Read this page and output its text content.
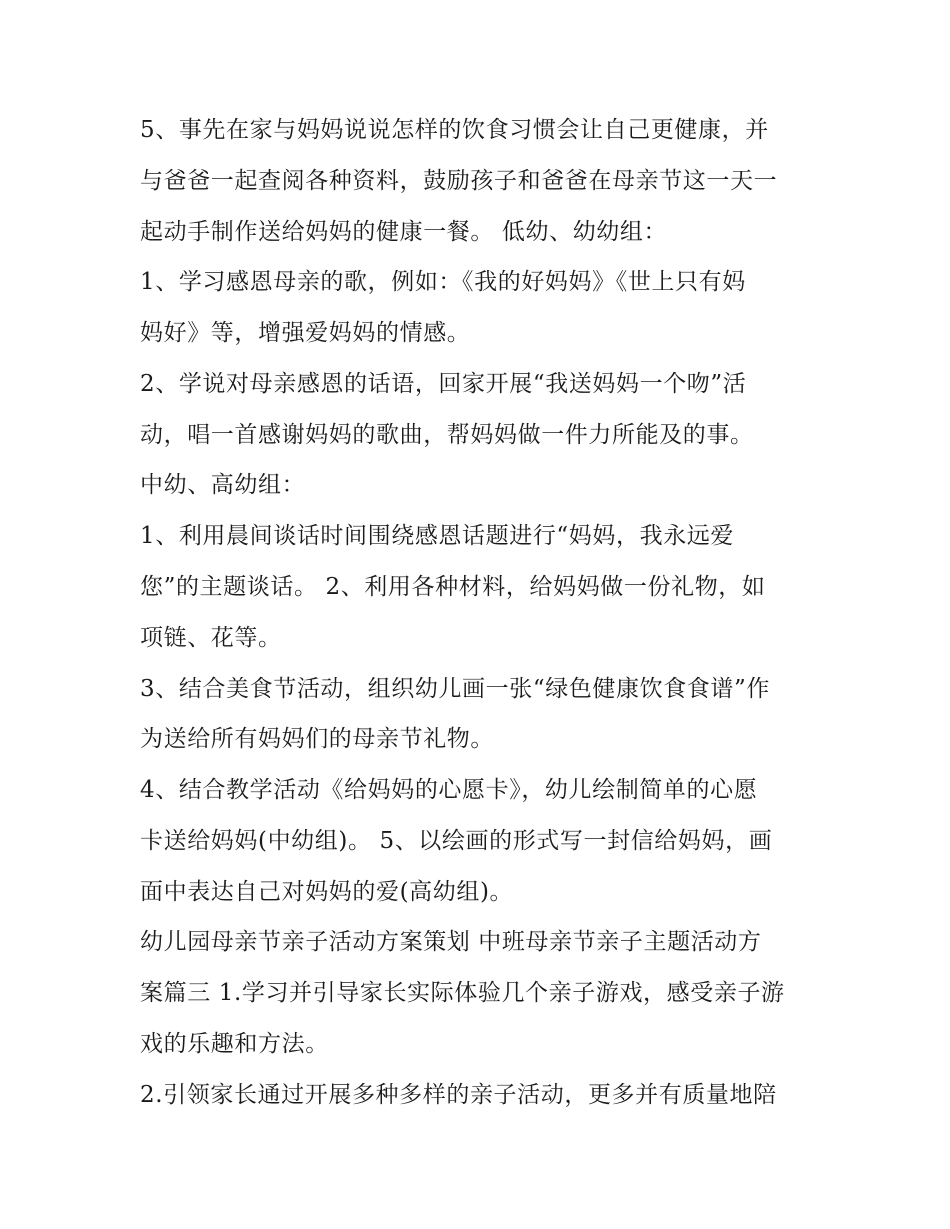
5、事先在家与妈妈说说怎样的饮食习惯会让自己更健康，并
与爸爸一起查阅各种资料，鼓励孩子和爸爸在母亲节这一天一
起动手制作送给妈妈的健康一餐。 低幼、幼幼组：
1、学习感恩母亲的歌，例如：《我的好妈妈》《世上只有妈
妈好》等，增强爱妈妈的情感。
2、学说对母亲感恩的话语，回家开展“我送妈妈一个吻”活
动，唱一首感谢妈妈的歌曲，帮妈妈做一件力所能及的事。
中幼、高幼组：
1、利用晨间谈话时间围绕感恩话题进行“妈妈，我永远爱
您”的主题谈话。 2、利用各种材料，给妈妈做一份礼物，如
项链、花等。
3、结合美食节活动，组织幼儿画一张“绿色健康饮食食谱”作
为送给所有妈妈们的母亲节礼物。
4、结合教学活动《给妈妈的心愿卡》，幼儿绘制简单的心愿
卡送给妈妈(中幼组)。 5、以绘画的形式写一封信给妈妈，画
面中表达自己对妈妈的爱(高幼组)。
幼儿园母亲节亲子活动方案策划 中班母亲节亲子主题活动方
案篇三 1.学习并引导家长实际体验几个亲子游戏，感受亲子游
戏的乐趣和方法。
2.引领家长通过开展多种多样的亲子活动，更多并有质量地陪
